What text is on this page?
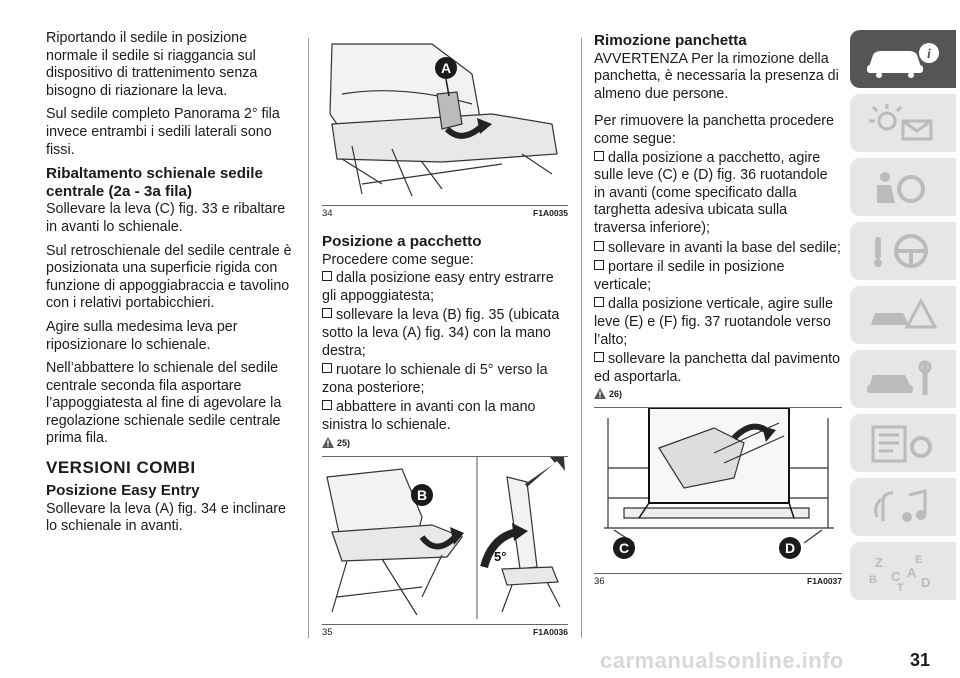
Riportando il sedile in posizione normale il sedile si riaggancia sul dispositivo di trattenimento senza bisogno di riazionare la leva.

Sul sedile completo Panorama 2° fila invece entrambi i sedili laterali sono fissi.

Ribaltamento schienale sedile centrale (2a - 3a fila)

Sollevare la leva (C) fig. 33 e ribaltare in avanti lo schienale.

Sul retroschienale del sedile centrale è posizionata una superficie rigida con funzione di appoggiabraccia e tavolino con i relativi portabicchieri.

Agire sulla medesima leva per riposizionare lo schienale.

Nell’abbattere lo schienale del sedile centrale seconda fila asportare l’appoggiatesta al fine di agevolare la regolazione schienale sedile centrale prima fila.

VERSIONI COMBI
Posizione Easy Entry

Sollevare la leva (A) fig. 34 e inclinare lo schienale in avanti.

A
34	F1A0035
Posizione a pacchetto

Procedere come segue:

dalla posizione easy entry estrarre gli appoggiatesta;

sollevare la leva (B) fig. 35 (ubicata sotto la leva (A) fig. 34) con la mano destra;

ruotare lo schienale di 5° verso la zona posteriore;

abbattere in avanti con la mano sinistra lo schienale.

25)
B
5°
35	F1A0036
Rimozione panchetta

AVVERTENZA Per la rimozione della panchetta, è necessaria la presenza di almeno due persone.

Per rimuovere la panchetta procedere come segue:

dalla posizione a pacchetto, agire sulle leve (C) e (D) fig. 36 ruotandole in avanti (come specificato dalla targhetta adesiva ubicata sulla traversa inferiore);

sollevare in avanti la base del sedile;

portare il sedile in posizione verticale;

dalla posizione verticale, agire sulle leve (E) e (F) fig. 37 ruotandole verso l’alto;

sollevare la panchetta dal pavimento ed asportarla.

26)
C	D
36	F1A0037
i
Z	E
A
B C
T D
carmanualsonline.info	31
